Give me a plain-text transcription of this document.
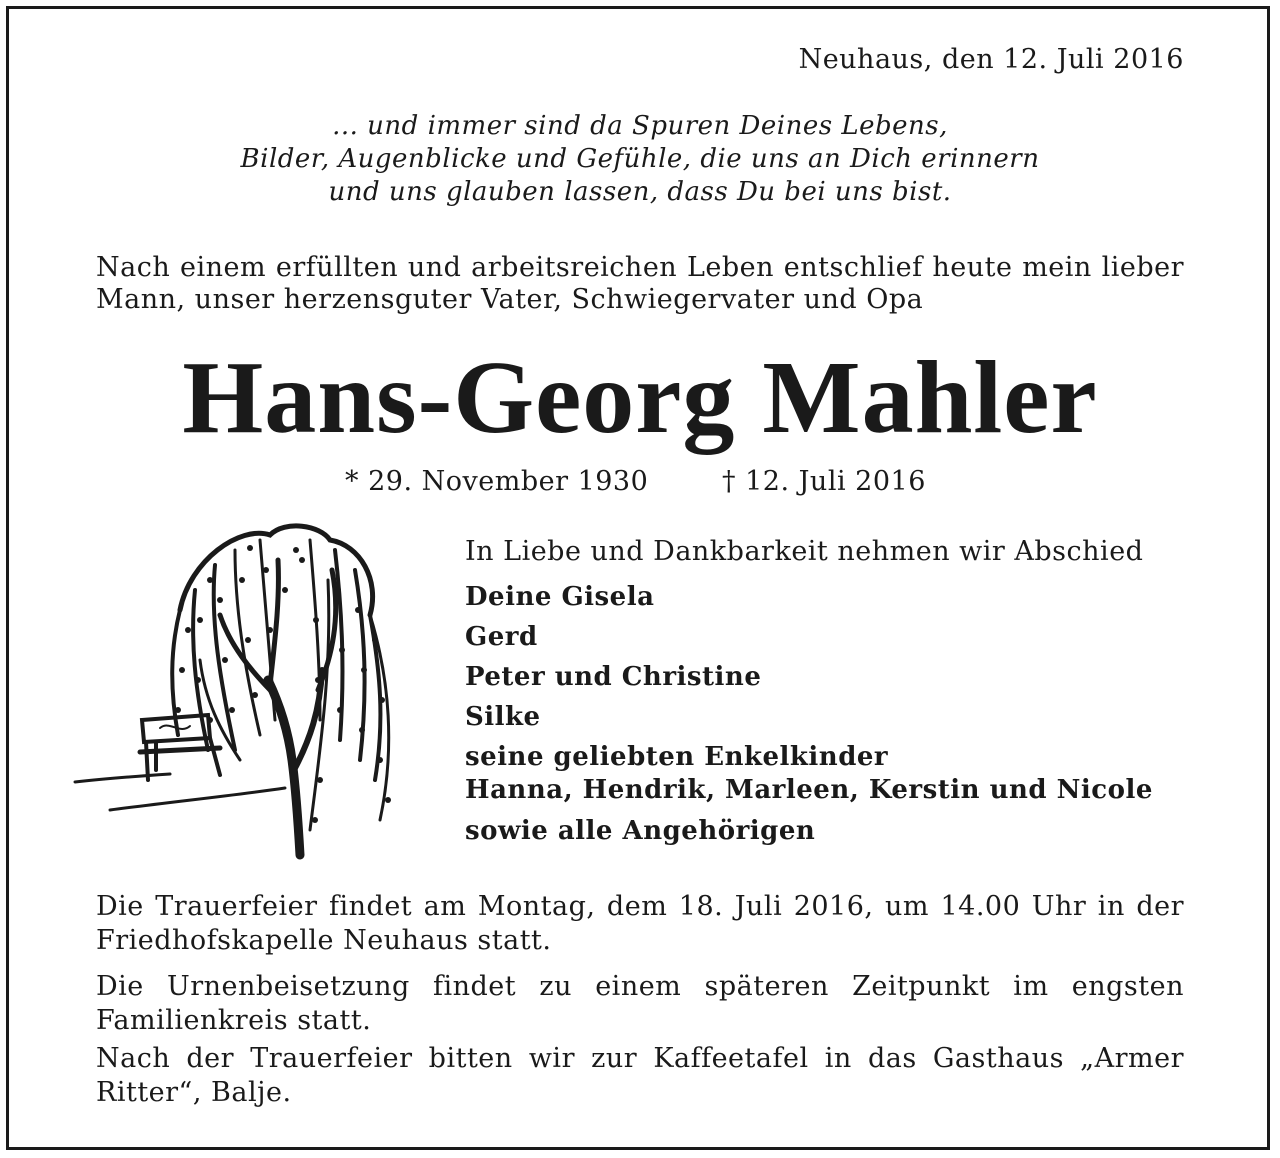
Neuhaus, den 12. Juli 2016
... und immer sind da Spuren Deines Lebens,
Bilder, Augenblicke und Gefühle, die uns an Dich erinnern
und uns glauben lassen, dass Du bei uns bist.
Nach einem erfüllten und arbeitsreichen Leben entschlief heute mein lieber Mann, unser herzensguter Vater, Schwiegervater und Opa
Hans-Georg Mahler
* 29. November 1930	† 12. Juli 2016
In Liebe und Dankbarkeit nehmen wir Abschied
Deine Gisela
Gerd
Peter und Christine
Silke
seine geliebten Enkelkinder
Hanna, Hendrik, Marleen, Kerstin und Nicole
sowie alle Angehörigen
Die Trauerfeier findet am Montag, dem 18. Juli 2016, um 14.00 Uhr in der Friedhofskapelle Neuhaus statt.
Die Urnenbeisetzung findet zu einem späteren Zeitpunkt im engsten Familienkreis statt.
Nach der Trauerfeier bitten wir zur Kaffeetafel in das Gasthaus „Armer Ritter“, Balje.
